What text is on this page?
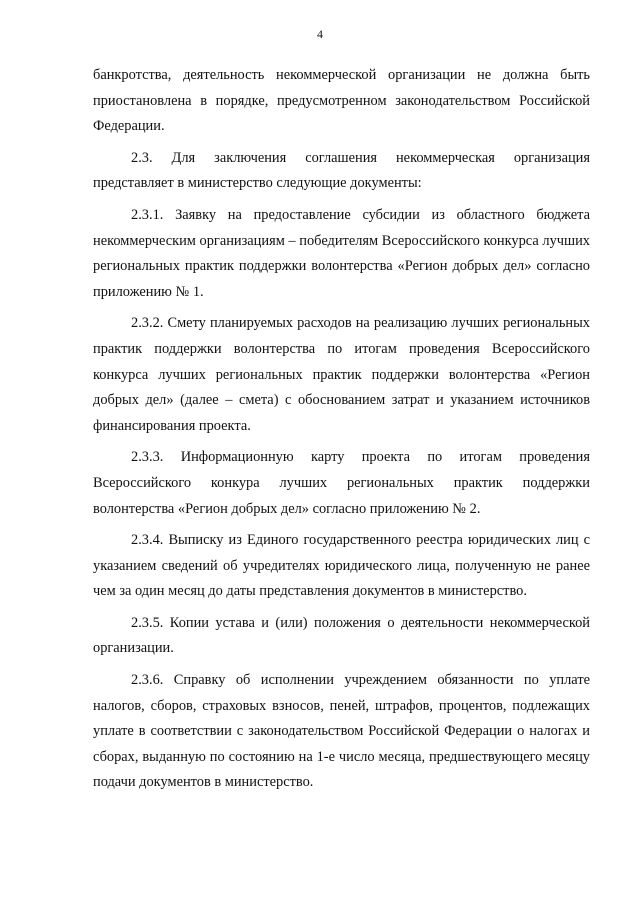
4

банкротства, деятельность некоммерческой организации не должна быть приостановлена в порядке, предусмотренном законодательством Российской Федерации.

2.3. Для заключения соглашения некоммерческая организация представляет в министерство следующие документы:

2.3.1. Заявку на предоставление субсидии из областного бюджета некоммерческим организациям – победителям Всероссийского конкурса лучших региональных практик поддержки волонтерства «Регион добрых дел» согласно приложению № 1.

2.3.2. Смету планируемых расходов на реализацию лучших региональных практик поддержки волонтерства по итогам проведения Всероссийского конкурса лучших региональных практик поддержки волонтерства «Регион добрых дел» (далее – смета) с обоснованием затрат и указанием источников финансирования проекта.

2.3.3. Информационную карту проекта по итогам проведения Всероссийского конкура лучших региональных практик поддержки волонтерства «Регион добрых дел» согласно приложению № 2.

2.3.4. Выписку из Единого государственного реестра юридических лиц с указанием сведений об учредителях юридического лица, полученную не ранее чем за один месяц до даты представления документов в министерство.

2.3.5. Копии устава и (или) положения о деятельности некоммерческой организации.

2.3.6. Справку об исполнении учреждением обязанности по уплате налогов, сборов, страховых взносов, пеней, штрафов, процентов, подлежащих уплате в соответствии с законодательством Российской Федерации о налогах и сборах, выданную по состоянию на 1-е число месяца, предшествующего месяцу подачи документов в министерство.
